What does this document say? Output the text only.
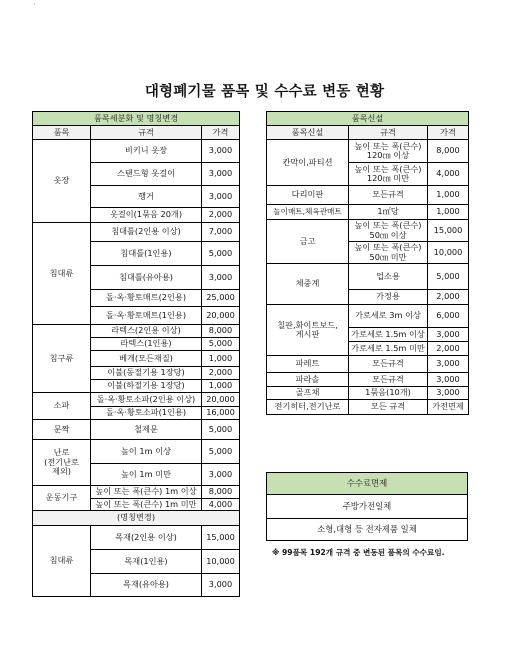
·
대형폐기물 품목 및 수수료 변동 현황
품목세분화 및 명칭변경		
품목	규격	가격
옷장	비키니 옷장	3,000
	스탠드형 옷걸이	3,000
	행거	3,000
	옷걸이(1묶음 20개)	2,000
침대류	침대틀(2인용 이상)	7,000
	침대틀(1인용)	5,000
	침대틀(유아용)	3,000
	돌·옥·황토매트(2인용)	25,000
	돌·옥·황토매트(1인용)	20,000
침구류	라텍스(2인용 이상)	8,000
	라텍스(1인용)	5,000
	베개(모든재질)	1,000
	이불(동절기용 1장당)	2,000
	이불(하절기용 1장당)	1,000
소파	돌·옥·황토소파(2인용 이상)	20,000
	돌·옥·황토소파(1인용)	16,000
문짝	철제문	5,000
난로
(전기난로
제외)	높이 1m 이상	5,000
	높이 1m 미만	3,000
운동기구	높이 또는 폭(큰수) 1m 이상	8,000
	높이 또는 폭(큰수) 1m 미만	4,000
(명칭변경)		
침대류	목재(2인용 이상)	15,000
	목재(1인용)	10,000
	목재(유아용)	3,000
품목신설		
품목신설	규격	가격
칸막이,파티션	높이 또는 폭(큰수)
120㎝ 이상	8,000
	높이 또는 폭(큰수)
120㎝ 미만	4,000
다리미판	모든규격	1,000
놀이매트,체육관매트	1㎡당	1,000
금고	높이 또는 폭(큰수)
50㎝ 이상	15,000
	높이 또는 폭(큰수)
50㎝ 미만	10,000
체중계	업소용	5,000
	가정용	2,000
칠판,화이트보드,
게시판	가로세로 3m 이상	6,000
	가로세로 1.5m 이상	3,000
	가로세로 1.5m 미만	2,000
파레트	모든규격	3,000
파라솔	모든규격	3,000
골프채	1묶음(10개)	3,000
전기히터,전기난로	모든 규격	가전면제
수수료면제
주방가전일체
소형,대형 등 전자제품 일체
※ 99품목 192개 규격 중 변동된 품목의 수수료임.
